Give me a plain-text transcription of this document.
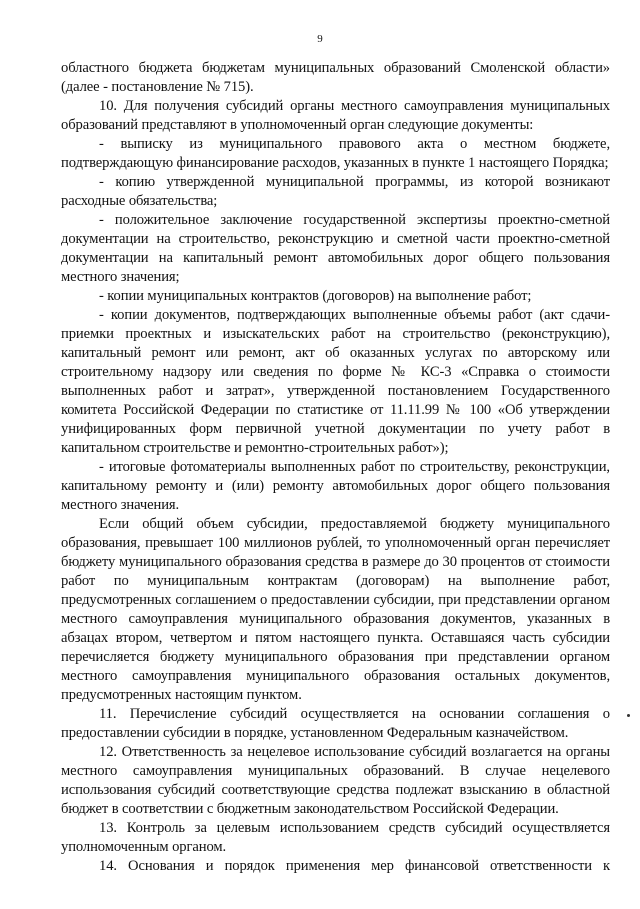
9

областного бюджета бюджетам муниципальных образований Смоленской области» (далее - постановление № 715).

10. Для получения субсидий органы местного самоуправления муниципальных образований представляют в уполномоченный орган следующие документы:

- выписку из муниципального правового акта о местном бюджете, подтверждающую финансирование расходов, указанных в пункте 1 настоящего Порядка;

- копию утвержденной муниципальной программы, из которой возникают расходные обязательства;

- положительное заключение государственной экспертизы проектно-сметной документации на строительство, реконструкцию и сметной части проектно-сметной документации на капитальный ремонт автомобильных дорог общего пользования местного значения;

- копии муниципальных контрактов (договоров) на выполнение работ;

- копии документов, подтверждающих выполненные объемы работ (акт сдачи-приемки проектных и изыскательских работ на строительство (реконструкцию), капитальный ремонт или ремонт, акт об оказанных услугах по авторскому или строительному надзору или сведения по форме № КС-3 «Справка о стоимости выполненных работ и затрат», утвержденной постановлением Государственного комитета Российской Федерации по статистике от 11.11.99 № 100 «Об утверждении унифицированных форм первичной учетной документации по учету работ в капитальном строительстве и ремонтно-строительных работ»);

- итоговые фотоматериалы выполненных работ по строительству, реконструкции, капитальному ремонту и (или) ремонту автомобильных дорог общего пользования местного значения.

Если общий объем субсидии, предоставляемой бюджету муниципального образования, превышает 100 миллионов рублей, то уполномоченный орган перечисляет бюджету муниципального образования средства в размере до 30 процентов от стоимости работ по муниципальным контрактам (договорам) на выполнение работ, предусмотренных соглашением о предоставлении субсидии, при представлении органом местного самоуправления муниципального образования документов, указанных в абзацах втором, четвертом и пятом настоящего пункта. Оставшаяся часть субсидии перечисляется бюджету муниципального образования при представлении органом местного самоуправления муниципального образования остальных документов, предусмотренных настоящим пунктом.

11. Перечисление субсидий осуществляется на основании соглашения о предоставлении субсидии в порядке, установленном Федеральным казначейством.

12. Ответственность за нецелевое использование субсидий возлагается на органы местного самоуправления муниципальных образований. В случае нецелевого использования субсидий соответствующие средства подлежат взысканию в областной бюджет в соответствии с бюджетным законодательством Российской Федерации.

13. Контроль за целевым использованием средств субсидий осуществляется уполномоченным органом.

14. Основания и порядок применения мер финансовой ответственности к
